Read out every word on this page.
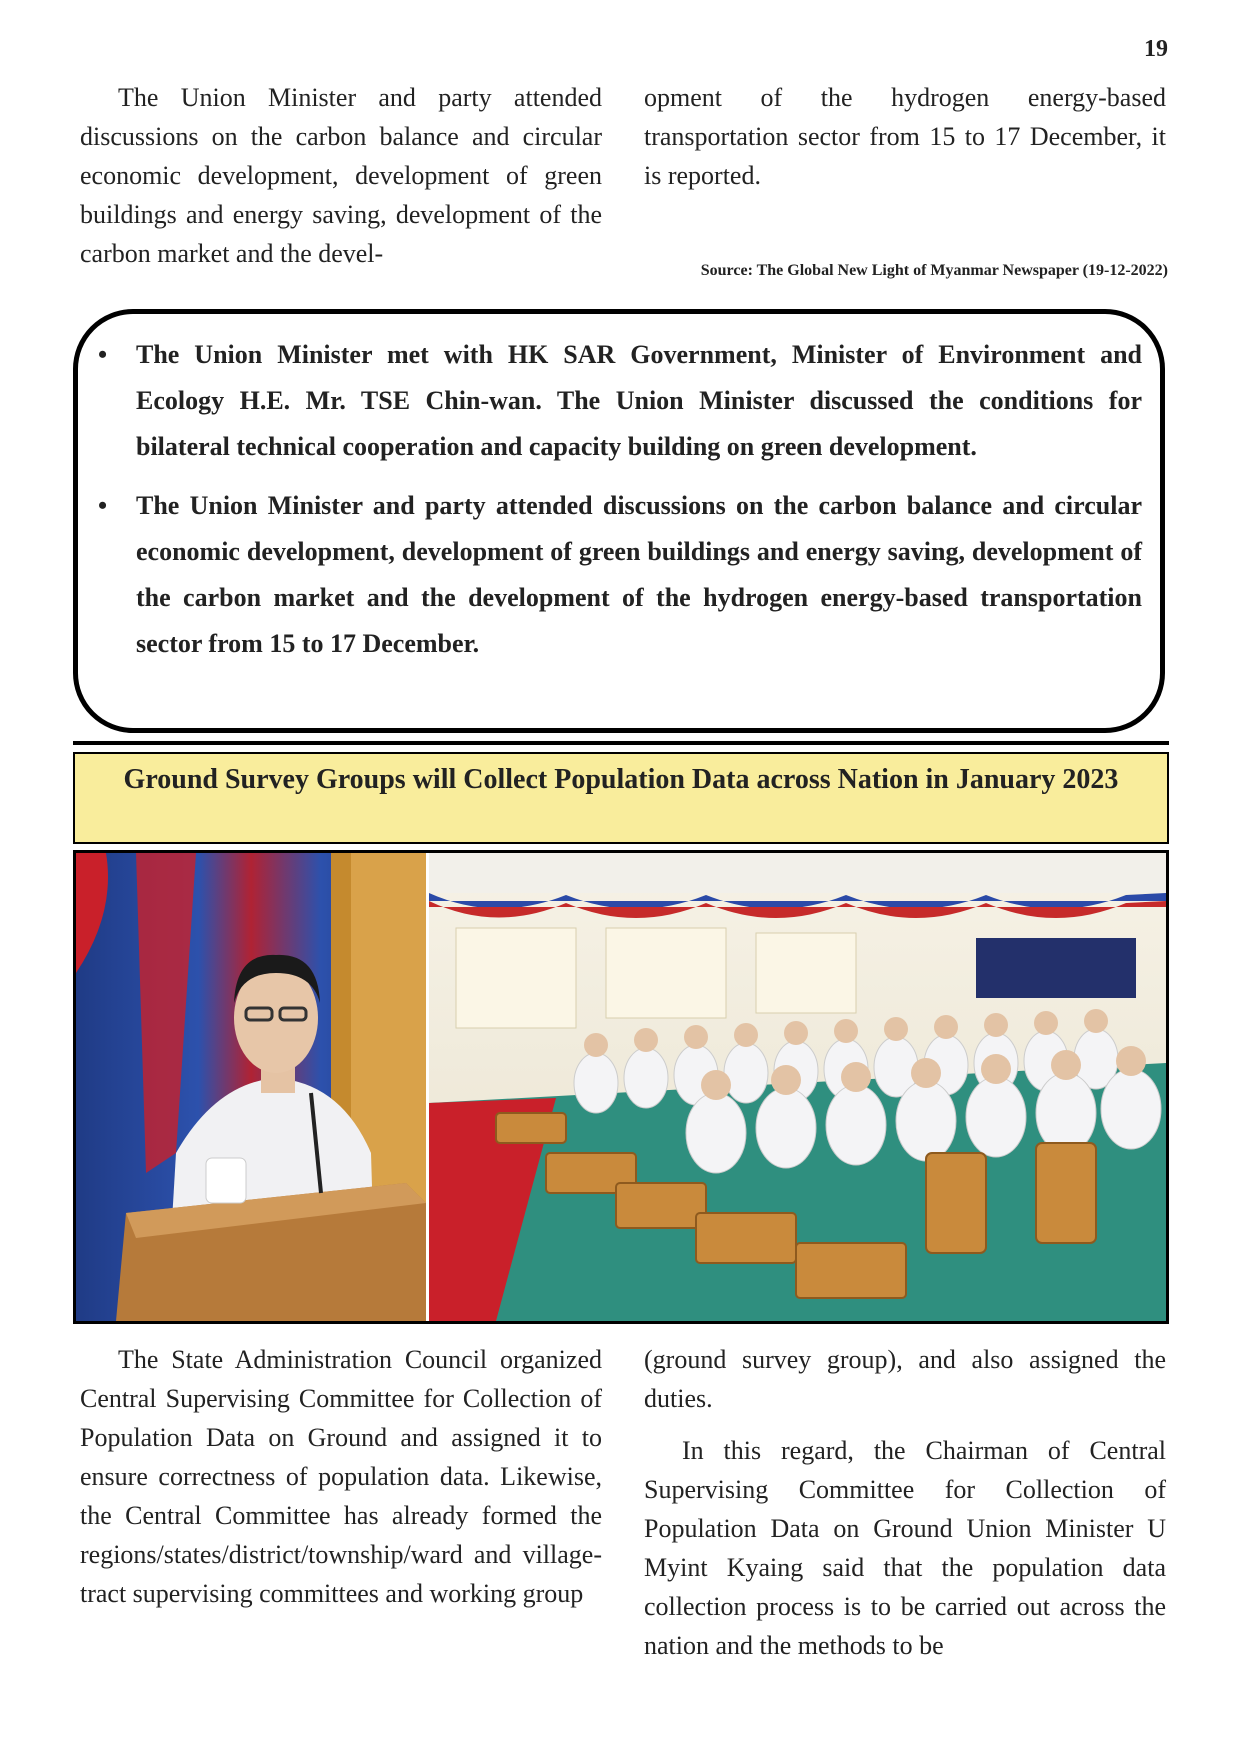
19

The Union Minister and party attended discussions on the carbon balance and circular economic development, development of green buildings and energy saving, development of the carbon market and the devel-

opment of the hydrogen energy-based transportation sector from 15 to 17 December, it is reported.

Source: The Global New Light of Myanmar Newspaper (19-12-2022)
• The Union Minister met with HK SAR Government, Minister of Environment and Ecology H.E. Mr. TSE Chin-wan. The Union Minister discussed the conditions for bilateral technical cooperation and capacity building on green development.
• The Union Minister and party attended discussions on the carbon balance and circular economic development, development of green buildings and energy saving, development of the carbon market and the development of the hydrogen energy-based transportation sector from 15 to 17 December.
Ground Survey Groups will Collect Population Data across Nation in January 2023

The State Administration Council organized Central Supervising Committee for Collection of Population Data on Ground and assigned it to ensure correctness of population data. Likewise, the Central Committee has already formed the regions/states/district/township/ward and village-tract supervising committees and working group

(ground survey group), and also assigned the duties.

In this regard, the Chairman of Central Supervising Committee for Collection of Population Data on Ground Union Minister U Myint Kyaing said that the population data collection process is to be carried out across the nation and the methods to be
